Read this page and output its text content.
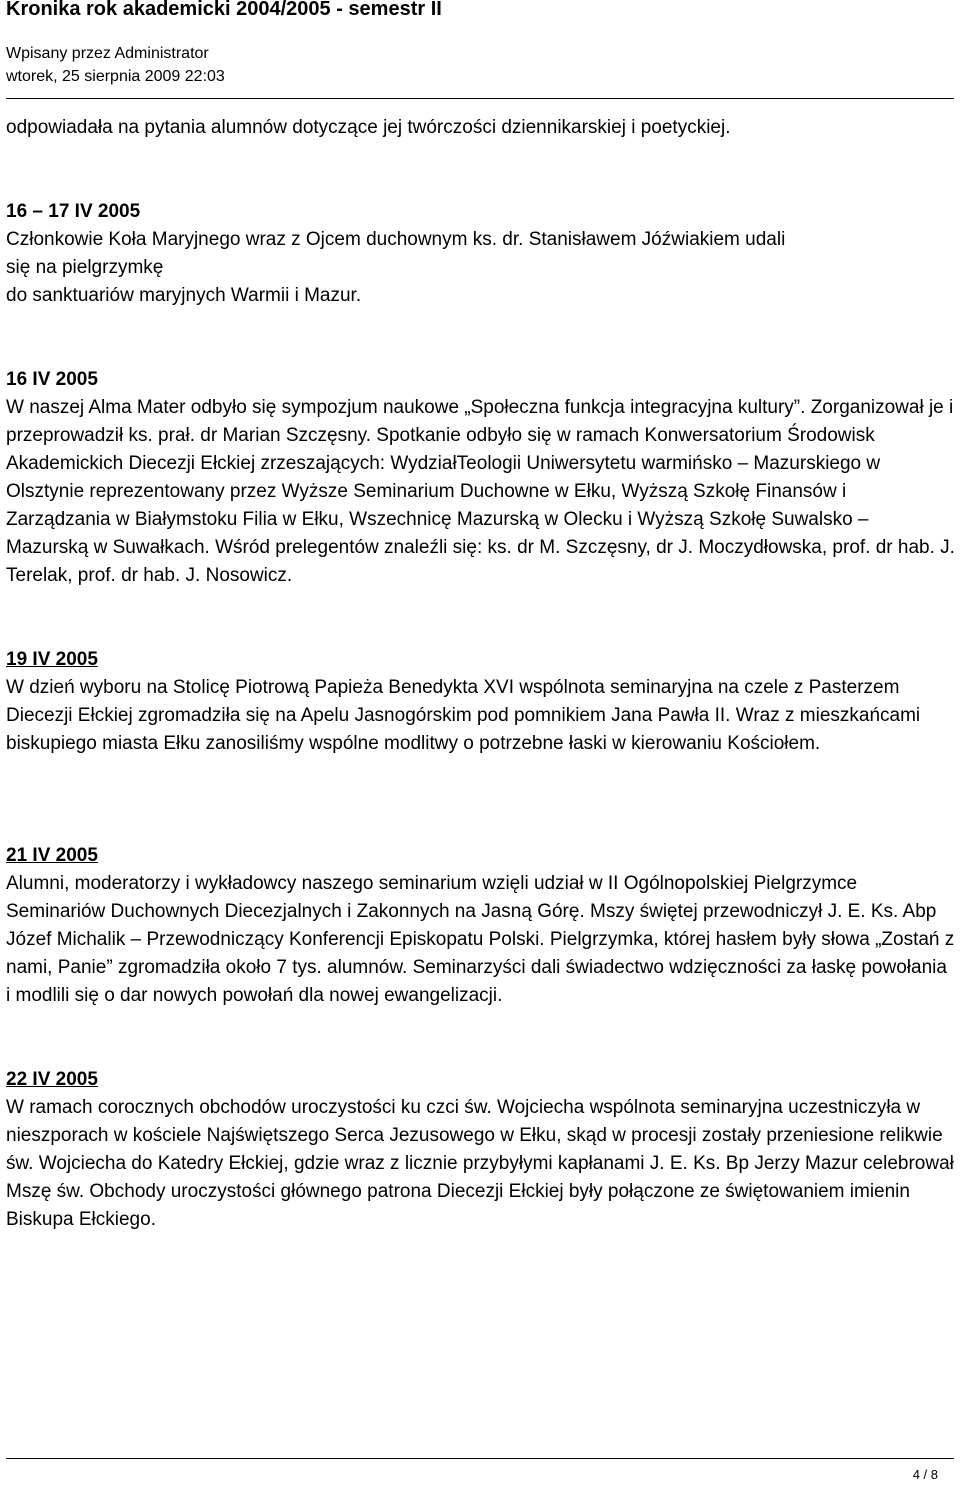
Kronika rok akademicki 2004/2005 - semestr II
Wpisany przez Administrator
wtorek, 25 sierpnia 2009 22:03

odpowiadała na pytania alumnów dotyczące jej twórczości dziennikarskiej i poetyckiej.

16 – 17 IV 2005

Członkowie Koła Maryjnego wraz z Ojcem duchownym ks. dr. Stanisławem Jóźwiakiem udali

się na pielgrzymkę

do sanktuariów maryjnych Warmii i Mazur.

16 IV 2005

W naszej Alma Mater odbyło się sympozjum naukowe „Społeczna funkcja integracyjna kultury”. Zorganizował je i przeprowadził ks. prał. dr Marian Szczęsny. Spotkanie odbyło się w ramach Konwersatorium Środowisk Akademickich Diecezji Ełckiej zrzeszających: WydziałTeologii Uniwersytetu warmińsko – Mazurskiego w Olsztynie reprezentowany przez Wyższe Seminarium Duchowne w Ełku, Wyższą Szkołę Finansów i Zarządzania w Białymstoku Filia w Ełku, Wszechnicę Mazurską w Olecku i Wyższą Szkołę Suwalsko – Mazurską w Suwałkach. Wśród prelegentów znaleźli się: ks. dr M. Szczęsny, dr J. Moczydłowska, prof. dr hab. J. Terelak, prof. dr hab. J. Nosowicz.

19 IV 2005

W dzień wyboru na Stolicę Piotrową Papieża Benedykta XVI wspólnota seminaryjna na czele z Pasterzem Diecezji Ełckiej zgromadziła się na Apelu Jasnogórskim pod pomnikiem Jana Pawła II. Wraz z mieszkańcami biskupiego miasta Ełku zanosiliśmy wspólne modlitwy o potrzebne łaski w kierowaniu Kościołem.

21 IV 2005

Alumni, moderatorzy i wykładowcy naszego seminarium wzięli udział w II Ogólnopolskiej Pielgrzymce Seminariów Duchownych Diecezjalnych i Zakonnych na Jasną Górę. Mszy świętej przewodniczył J. E. Ks. Abp Józef Michalik – Przewodniczący Konferencji Episkopatu Polski. Pielgrzymka, której hasłem były słowa „Zostań z nami, Panie” zgromadziła około 7 tys. alumnów. Seminarzyści dali świadectwo wdzięczności za łaskę powołania i modlili się o dar nowych powołań dla nowej ewangelizacji.

22 IV 2005

W ramach corocznych obchodów uroczystości ku czci św. Wojciecha wspólnota seminaryjna uczestniczyła w nieszporach w kościele Najświętszego Serca Jezusowego w Ełku, skąd w procesji zostały przeniesione relikwie św. Wojciecha do Katedry Ełckiej, gdzie wraz z licznie przybyłymi kapłanami J. E. Ks. Bp Jerzy Mazur celebrował Mszę św. Obchody uroczystości głównego patrona Diecezji Ełckiej były połączone ze świętowaniem imienin Biskupa Ełckiego.

4 / 8
